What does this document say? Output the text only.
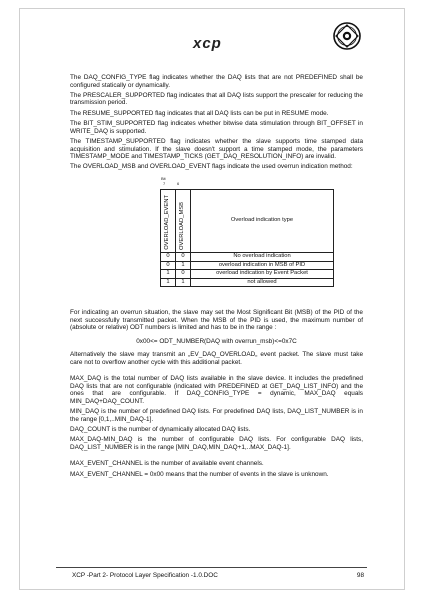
xcp

The DAQ_CONFIG_TYPE flag indicates whether the DAQ lists that are not PREDEFINED shall be configured statically or dynamically.

The PRESCALER_SUPPORTED flag indicates that all DAQ lists support the prescaler for reducing the transmission period.

The RESUME_SUPPORTED flag indicates that all DAQ lists can be put in RESUME mode.

The BIT_STIM_SUPPORTED flag indicates whether bitwise data stimulation through BIT_OFFSET in WRITE_DAQ is supported.

The TIMESTAMP_SUPPORTED flag indicates whether the slave supports time stamped data acquisition and stimulation. If the slave doesn't support a time stamped mode, the parameters TIMESTAMP_MODE and TIMESTAMP_TICKS (GET_DAQ_RESOLUTION_INFO) are invalid.

The OVERLOAD_MSB and OVERLOAD_EVENT flags indicate the used overrun indication method:

Bit
7	6
OVERLOAD_EVENT	OVERLOAD_MSB	Overload indication type
0	0	No overload indication
0	1	overload indication in MSB of PID
1	0	overload indication by Event Packet
1	1	not allowed

For indicating an overrun situation, the slave may set the Most Significant Bit (MSB) of the PID of the next successfully transmitted packet. When the MSB of the PID is used, the maximum number of (absolute or relative) ODT numbers is limited and has to be in the range :

0x00<= ODT_NUMBER(DAQ with overrun_msb)<=0x7C

Alternatively the slave may transmit an „EV_DAQ_OVERLOAD„ event packet. The slave must take care not to overflow another cycle with this additional packet.

MAX_DAQ is the total number of DAQ lists available in the slave device. It includes the predefined DAQ lists that are not configurable (indicated with PREDEFINED at GET_DAQ_LIST_INFO) and the ones that are configurable. If DAQ_CONFIG_TYPE = dynamic, MAX_DAQ equals MIN_DAQ+DAQ_COUNT.

MIN_DAQ is the number of predefined DAQ lists. For predefined DAQ lists, DAQ_LIST_NUMBER is in the range [0,1,..MIN_DAQ-1].

DAQ_COUNT is the number of dynamically allocated DAQ lists.

MAX_DAQ-MIN_DAQ is the number of configurable DAQ lists. For configurable DAQ lists, DAQ_LIST_NUMBER is in the range [MIN_DAQ,MIN_DAQ+1,..MAX_DAQ-1].

MAX_EVENT_CHANNEL is the number of available event channels.

MAX_EVENT_CHANNEL = 0x00 means that the number of events in the slave is unknown.

XCP -Part 2- Protocol Layer Specification -1.0.DOC	98
